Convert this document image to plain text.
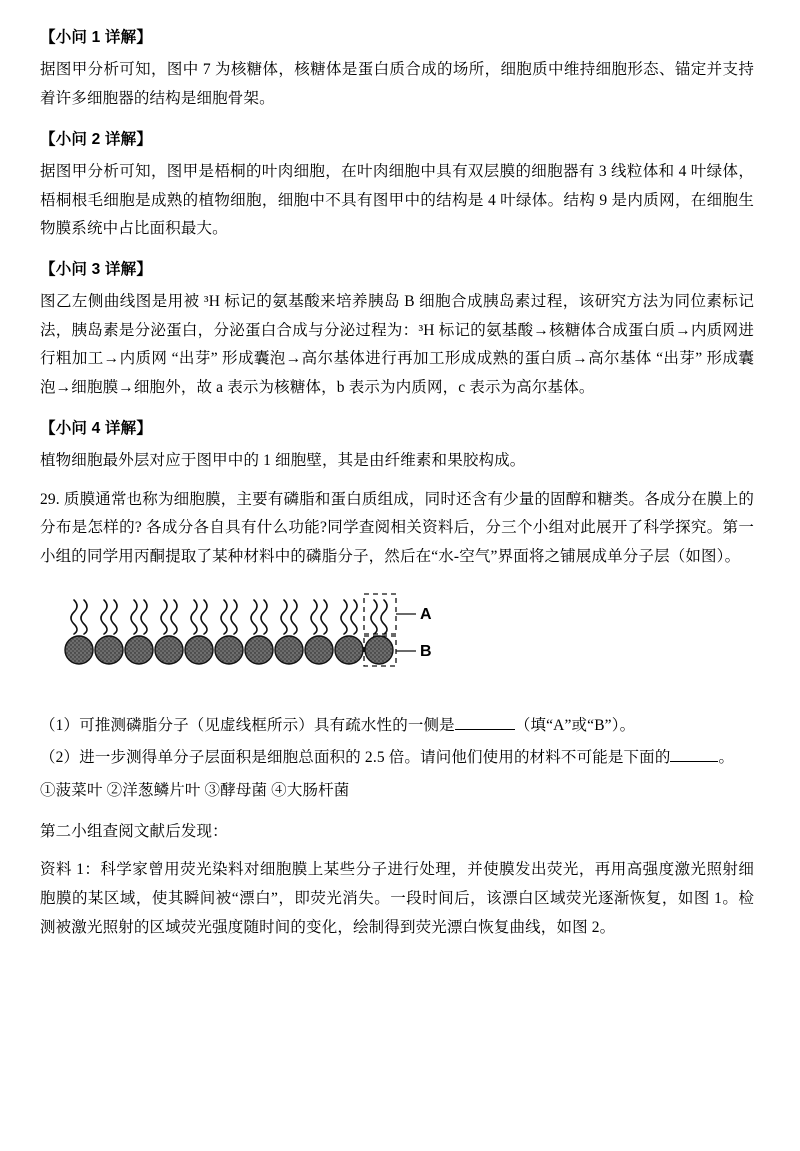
【小问 1 详解】

据图甲分析可知，图中 7 为核糖体，核糖体是蛋白质合成的场所，细胞质中维持细胞形态、锚定并支持着许多细胞器的结构是细胞骨架。

【小问 2 详解】

据图甲分析可知，图甲是梧桐的叶肉细胞，在叶肉细胞中具有双层膜的细胞器有 3 线粒体和 4 叶绿体，梧桐根毛细胞是成熟的植物细胞，细胞中不具有图甲中的结构是 4 叶绿体。结构 9 是内质网，在细胞生物膜系统中占比面积最大。

【小问 3 详解】

图乙左侧曲线图是用被 ³H 标记的氨基酸来培养胰岛 B 细胞合成胰岛素过程，该研究方法为同位素标记法，胰岛素是分泌蛋白，分泌蛋白合成与分泌过程为：³H 标记的氨基酸→核糖体合成蛋白质→内质网进行粗加工→内质网 “出芽” 形成囊泡→高尔基体进行再加工形成成熟的蛋白质→高尔基体 “出芽” 形成囊泡→细胞膜→细胞外，故 a 表示为核糖体，b 表示为内质网，c 表示为高尔基体。

【小问 4 详解】

植物细胞最外层对应于图甲中的 1 细胞壁，其是由纤维素和果胶构成。

29. 质膜通常也称为细胞膜，主要有磷脂和蛋白质组成，同时还含有少量的固醇和糖类。各成分在膜上的分布是怎样的? 各成分各自具有什么功能?同学查阅相关资料后，分三个小组对此展开了科学探究。第一小组的同学用丙酮提取了某种材料中的磷脂分子，然后在“水-空气”界面将之铺展成单分子层（如图）。

A
B

（1）可推测磷脂分子（见虚线框所示）具有疏水性的一侧是	（填“A”或“B”）。

（2）进一步测得单分子层面积是细胞总面积的 2.5 倍。请问他们使用的材料不可能是下面的	。

①菠菜叶 ②洋葱鳞片叶 ③酵母菌 ④大肠杆菌

第二小组查阅文献后发现：

资料 1：科学家曾用荧光染料对细胞膜上某些分子进行处理，并使膜发出荧光，再用高强度激光照射细胞膜的某区域，使其瞬间被“漂白”，即荧光消失。一段时间后，该漂白区域荧光逐渐恢复，如图 1。检测被激光照射的区域荧光强度随时间的变化，绘制得到荧光漂白恢复曲线，如图 2。
